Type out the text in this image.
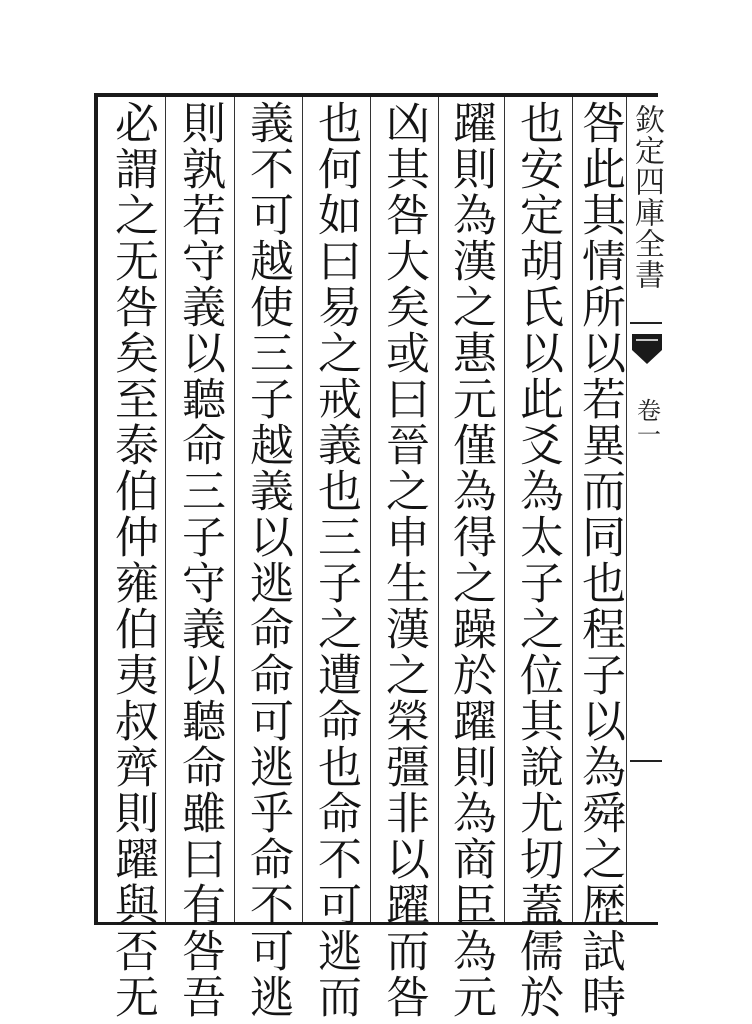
咎此其情所以若異而同也程子以為舜之歴試時
也安定胡氏以此爻為太子之位其說尤切蓋儒於
躍則為漢之惠元僅為得之躁於躍則為商臣為元
凶其咎大矣或曰晉之申生漢之榮彊非以躍而咎
也何如曰易之戒義也三子之遭命也命不可逃而
義不可越使三子越義以逃命命可逃乎命不可逃
則孰若守義以聽命三子守義以聽命雖曰有咎吾
必謂之无咎矣至泰伯仲雍伯夷叔齊則躍與否无	欽定四庫全書
卷一
